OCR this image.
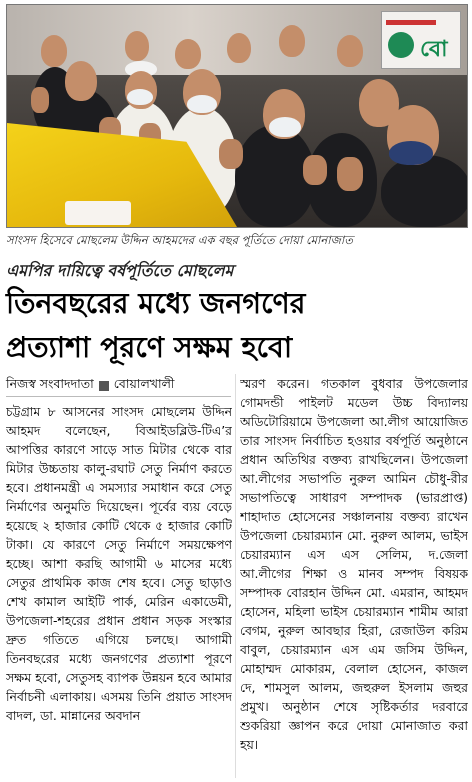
বো
সাংসদ হিসেবে মোছলেম উদ্দিন আহমদের এক বছর পূর্তিতে দোয়া মোনাজাত
এমপির দায়িত্বে বর্ষপূর্তিতে মোছলেম
তিনবছরের মধ্যে জনগণের
প্রত্যাশা পূরণে সক্ষম হবো
নিজস্ব সংবাদদাতা বোয়ালখালী
চট্টগ্রাম ৮ আসনের সাংসদ মোছলেম উদ্দিন আহমদ বলেছেন, বিআইডব্লিউ-টিএ’র আপত্তির কারণে সাড়ে সাত মিটার থেকে বার মিটার উচ্চতায় কালু-রঘাট সেতু নির্মাণ করতে হবে। প্রধানমন্ত্রী এ সমস্যার সমাধান করে সেতু নির্মাণের অনুমতি দিয়েছেন। পূর্বের ব্যয় বেড়ে হয়েছে ২ হাজার কোটি থেকে ৫ হাজার কোটি টাকা। যে কারণে সেতু নির্মাণে সময়ক্ষেপণ হচ্ছে। আশা করছি আগামী ৬ মাসের মধ্যে সেতুর প্রাথমিক কাজ শেষ হবে। সেতু ছাড়াও শেখ কামাল আইটি পার্ক, মেরিন একাডেমী, উপজেলা-শহরের প্রধান প্রধান সড়ক সংস্কার দ্রুত গতিতে এগিয়ে চলছে। আগামী তিনবছরের মধ্যে জনগণের প্রত্যাশা পূরণে সক্ষম হবো, সেতুসহ ব্যাপক উন্নয়ন হবে আমার নির্বাচনী এলাকায়। এসময় তিনি প্রয়াত সাংসদ বাদল, ডা. মান্নানের অবদান
স্মরণ করেন। গতকাল বুধবার উপজেলার গোমদন্ডী পাইলট মডেল উচ্চ বিদ্যালয় অডিটোরিয়ামে উপজেলা আ.লীগ আয়োজিত তার সাংসদ নির্বাচিত হওয়ার বর্ষপূর্তি অনুষ্ঠানে প্রধান অতিথির বক্তব্য রাখছিলেন। উপজেলা আ.লীগের সভাপতি নুরুল আমিন চৌধু-রীর সভাপতিত্বে সাধারণ সম্পাদক (ভারপ্রাপ্ত) শাহাদাত হোসেনের সঞ্চালনায় বক্তব্য রাখেন উপজেলা চেয়ারম্যান মো. নুরুল আলম, ভাইস চেয়ারম্যান এস এস সেলিম, দ.জেলা আ.লীগের শিক্ষা ও মানব সম্পদ বিষয়ক সম্পাদক বোরহান উদ্দিন মো. এমরান, আহমদ হোসেন, মহিলা ভাইস চেয়ারম্যান শামীম আরা বেগম, নুরুল আবছার হিরা, রেজাউল করিম বাবুল, চেয়ারম্যান এস এম জসিম উদ্দিন, মোহাম্মদ মোকারম, বেলাল হোসেন, কাজল দে, শামসুল আলম, জহুরুল ইসলাম জহুর প্রমুখ। অনুষ্ঠান শেষে সৃষ্টিকর্তার দরবারে শুকরিয়া জ্ঞাপন করে দোয়া মোনাজাত করা হয়।
